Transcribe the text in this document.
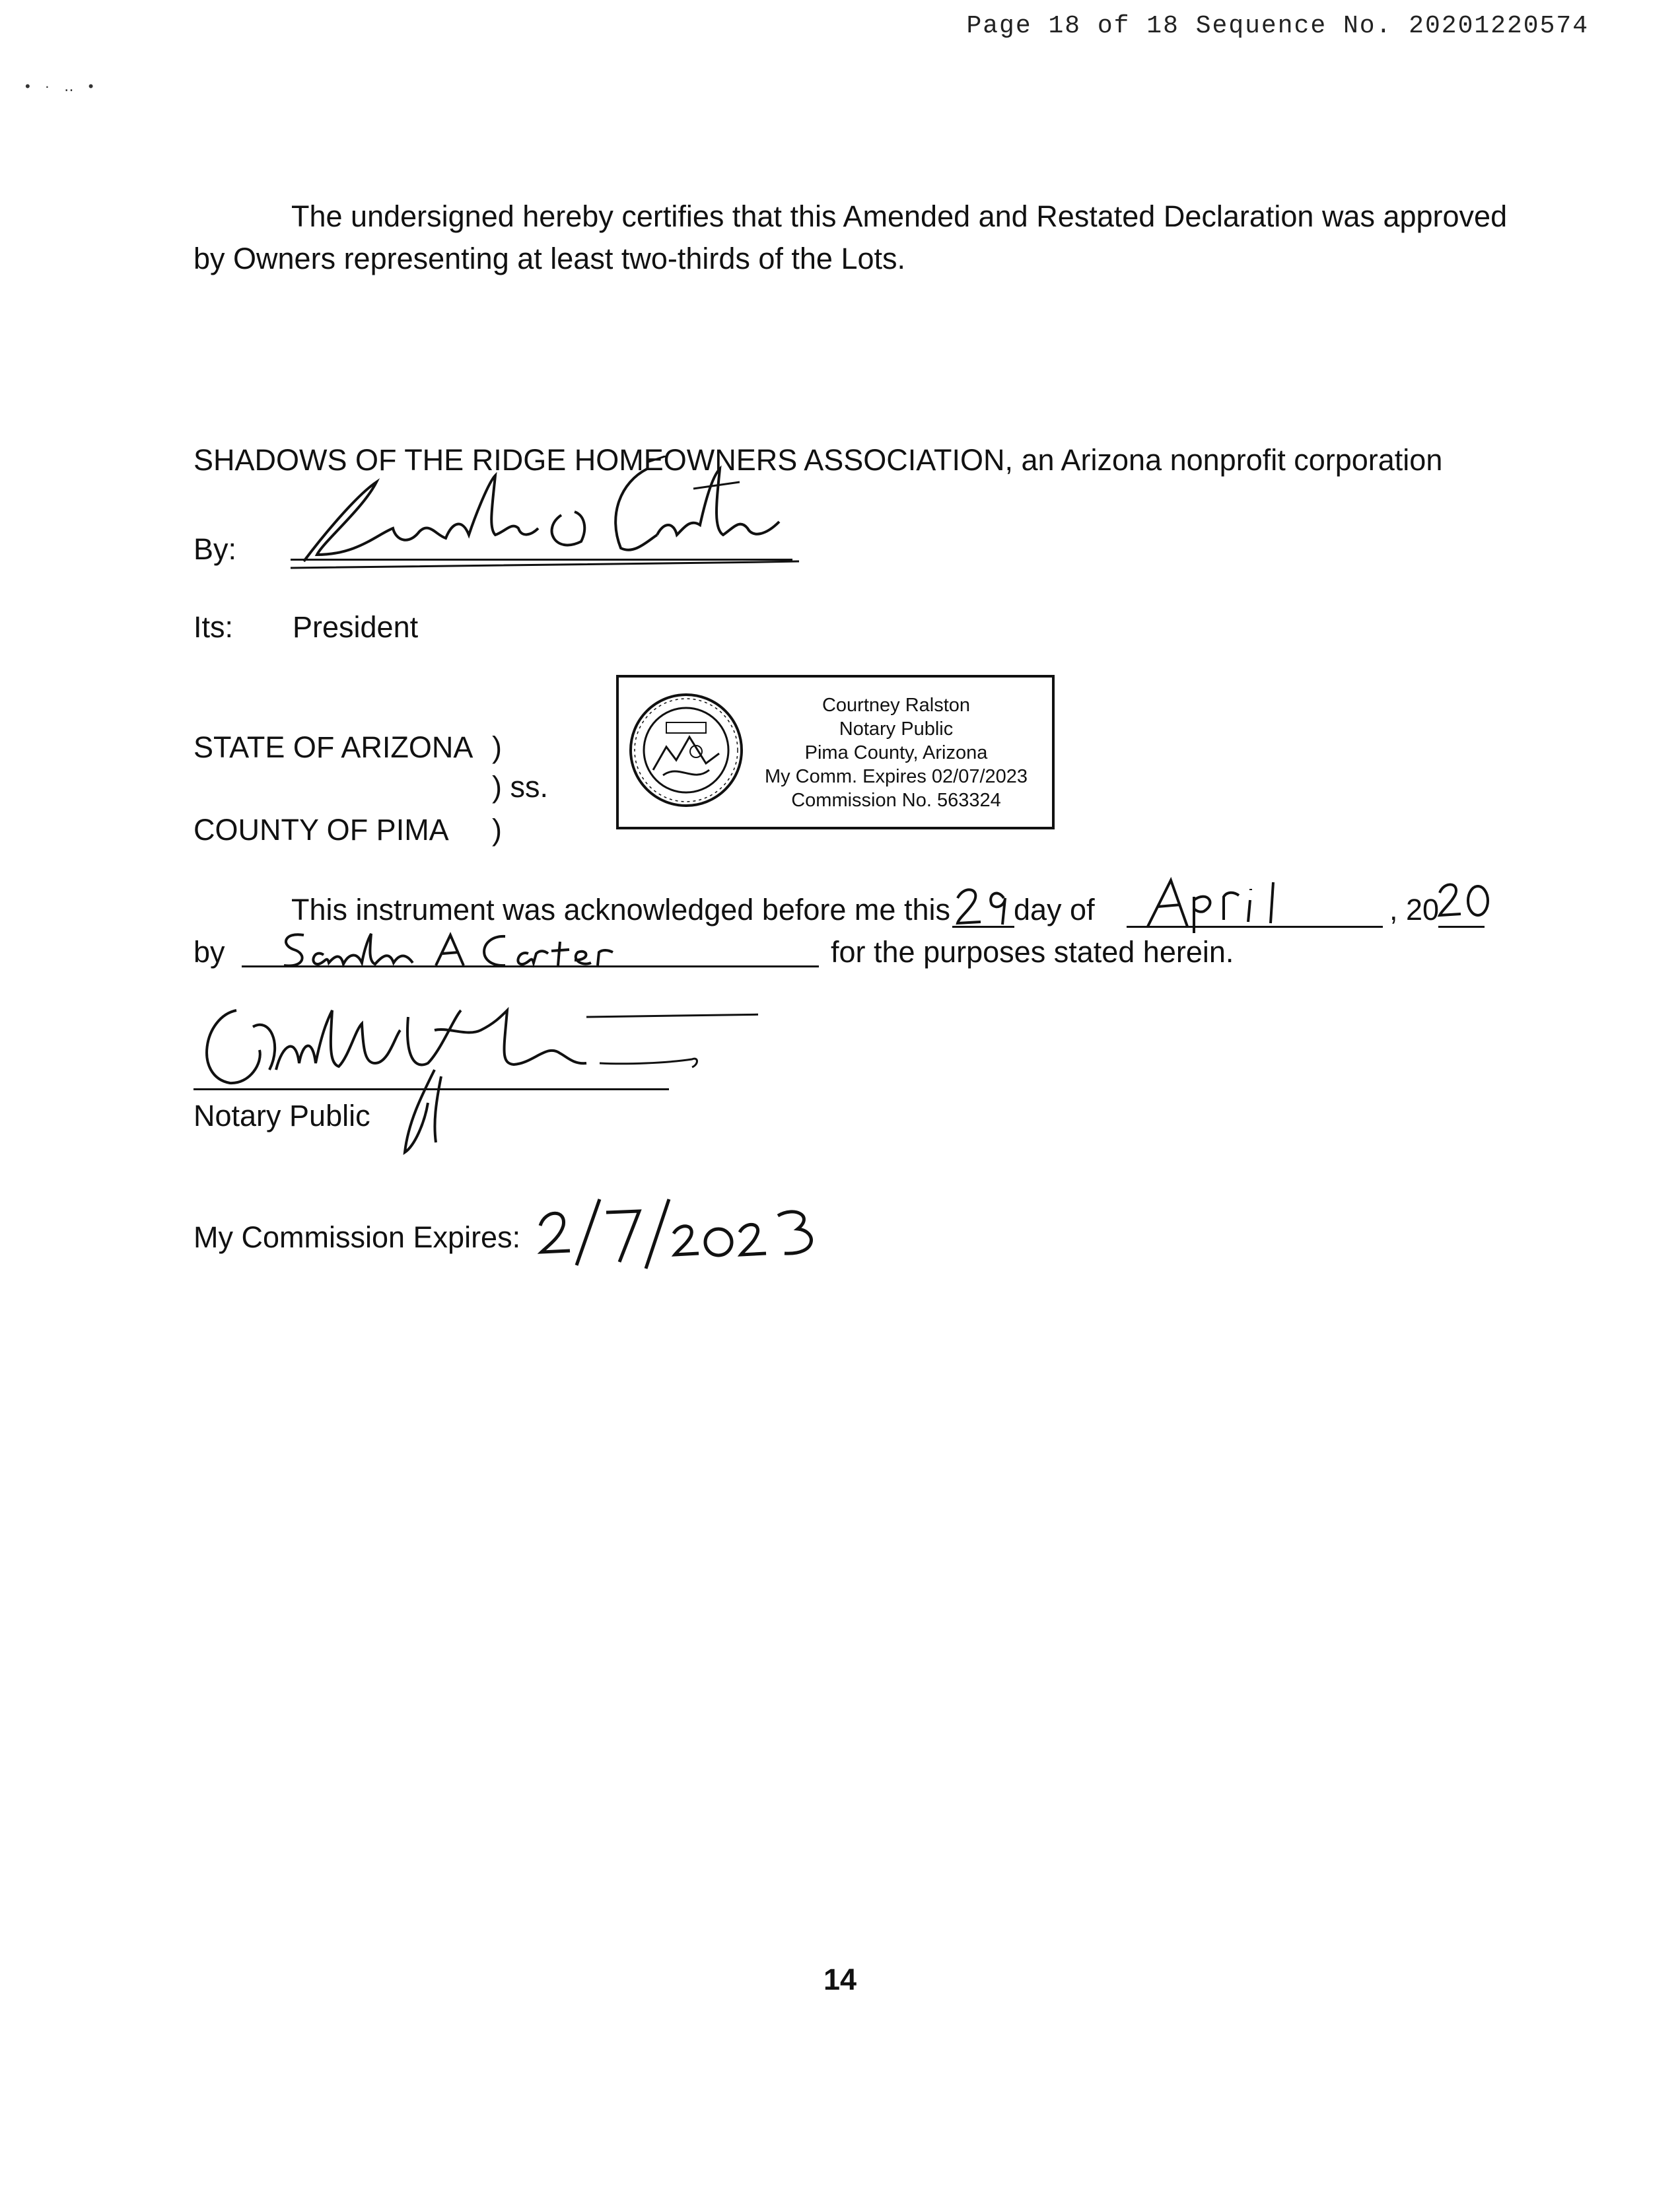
Page 18 of 18 Sequence No. 20201220574
•·‥•
The undersigned hereby certifies that this Amended and Restated Declaration was approved by Owners representing at least two-thirds of the Lots.
SHADOWS OF THE RIDGE HOMEOWNERS ASSOCIATION, an Arizona nonprofit corporation
By:
Its: President
STATE OF ARIZONA )
) ss.
COUNTY OF PIMA )
Courtney Ralston
Notary Public
Pima County, Arizona
My Comm. Expires 02/07/2023
Commission No. 563324
This instrument was acknowledged before me this day of	, 20
by	for the purposes stated herein.
Notary Public
My Commission Expires:
14
